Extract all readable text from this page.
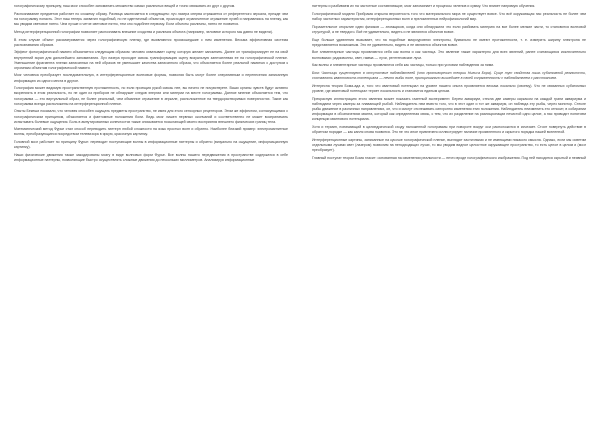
голографическому принципу, наш мозг способен запоминать множество самых различных вещей и точно связывать их друг с другом.

Распознавание предметов работает по схожему образу. Разница заключается в следующем: луч лазера сперва отражается от референтного зеркала, прежде чем на голограмму попасть. Этот наш теперь захватил подобный, но не идентичный объектом, происходит ограниченное отражение лучей и направляясь на пленку, как мы увидим световое пятно. Чем лучше и четче световое пятно, тем оно подобнее первому. Если объекты различны, пятно не появится.

Метод интерференционной голографии позволяет распознавать внешние сходства и различия объекта (например, человеке которого мы давно не видели).

В этом случае объект рассматривается через голографическую пленку, где выявляются произошедшие с ним изменения. Весьма эффективная система распознавания образов.

Эффект фотографической памяти объясняется следующим образом: человек охватывает сцену, которую желает запомнить. Далее он трансформирует ее на свой внутренний экран для дальнейшего запоминания. Луч лазера проходит сквозь трансформацию сцену визуальную запечатлевая ее на голографической пленке. Уменьшение фрагмента пленки записанных на ней образов не уменьшает качества записанного образа, что объясняется более реальной памятью с доступом к огромным объектам голографической памяти.

Мозг человека преобразует последовательную, в интерференционные волновые формы, позволяя быть могут более оперативным и перенесения записанную информацию из одного места в другое.

Голография может видимую пространственную протяженность, но если проекция рукой сквозь нее, вы ничего не почувствуете. Ваши органы чувств будут активно вкорениять в этом реальность, но не один из приборов не обнаружит следов энергии или материи на месте голограммы. Данное мнение объясняется тем, что голограмма — это виртуальный образ, не более реальный, чем обманное отражение в зеркале, расположенное на твердорастворимых поверхностях. Такие как голограмма всегда расположены на интерференционной пленке.

Опыты Бекеши показали, что человек способен ощущать предметы пространство, не имея для этого сенсорных рецепторов. Этим же эффектом, согласующимся с голографическим принципом, объясняется и фантомные положения боли. Ведь мозг лишен нервных окончаний и соответственно не может воспринимать испытывать болевые ощущения. Боль в ампутированных конечностях также описывается посылающей своего восприятия внешнего физических границ тела.

Математический метод Фурье стал способ переводить паттерн любой сложности на язык простых волн и обратно. Наиболее близкий пример: электромагнитные волны, преобразующиеся посредством телевизора в яркую, красочную картинку.

Головной мозг работает по принципу Фурье: переводит поступающие волны в информационные паттерны и обратно (визуально на ощущение, информационную картинку).

Наши физические движения также закодированы мозгу в виде волновых форм Фурье. Все волны нашего передвижения в пространстве содержатся в себе информационные паттерны, позволяющие быстро осуществлять сложные движения до нескольких миллиметров. Анализируя информационные

паттерны и разбиваем их на частотные составляющие, мозг запоминает и процессы челенов и сумму. Что влияет напрямую обучения.

Голографической модели Прибрама открыла вероятность того что материального мира не существует вовсе. Что всё окружающая нас реальность не более чем набор частотных характеристик, интерференционных волн и преломленных нейрофизиологий мир.

Поразительное открытие идеи физиков — атомщиков, когда они обнаружили что если разбивать материю на все более мелкие части, то становится волновой структурой, а не твердого. Всё не удивительно, видеть и не являются объектов вовсе.

Еще больше удивления вызывает, что на подобные микроуровнях электроны, буквально не имеют протяженности, т. е. измерить ширину электрона не представляется возможным. Это не удивительно, видеть и не являются объектов вовсе.

Все элементарные частицы проявляются себя как волна и как частица. Это явление также характерно для всех явлений, ранее считающихся исключительно волновыми: радиоволны, свет, гамма — лучи, рентгеновские лучи.

Как волны и элементарные частицы проявляются себя как частицы, только при условии наблюдения за ними.

Бом: Частицы существуют в отсутствие наблюдателей (что противоречит теории Нильса Бора). Суще тут свойства лишь субатомной реальности, составлять квантовость потенциала — нечто выбы поле, принципиально вышедшее в своей сопряженности с наблюдателем с расстоянием.

Интересна теория Бома-ада и, того что квантовый потенциал на уровне нашего опыта проявляется весьма локально (своему). Что не связанных субатомных уровне, где квантовый потенциал теряет локальность и становится единым целым.

Прекрасную иллюстрацию этого явления может показать газетный эксперимент. Берем аквариум, стекла две камеры каркасом на каждой грани аквариума и наблюдаем через камеры за плавающей рыбой. Наблюдатель нем вместо того, что в этот один и тот же аквариум, он наблюда эту рыбы, через монитор. Стекле рыбы движение в различных направлениях, он, что и смогут отслеживать синхронно изменения этих положения. Наблюдатель неизменить это относит, в собирании информации в обозначениях кванта, который как определенная связь, с тем, что их разделение на разлиционации нечистой одно целое, а нас приводит понятием концепции квантового потенциала.

Хотя и термин, понимающий в цилиндрической сходу наложенной голограммы при повороте вокруг оси расположится в исчезает. Стоит повернуть действие в обратном порядке — как капля снова появится. Это не что иное привлечено иллюстрирует наличие проявленного и скрытого порядка нашей вселенной.

Интерференционные картины, записанные на кусочке голографической пленке, выглядят хаотичными и не имеющими никакого смысла. Однако, если мы осветим отдельными лучами свет (лазером) позволим на неподходящих лучах, то мы увидим видное целостное окружающее пространство, то есть целое в целом и (мозг преобразует).

Главный постулат теории Бома гласит: основанная на изменении реальности — нечто вроде голографического изображения. Под ней находится скрытый и неявный
